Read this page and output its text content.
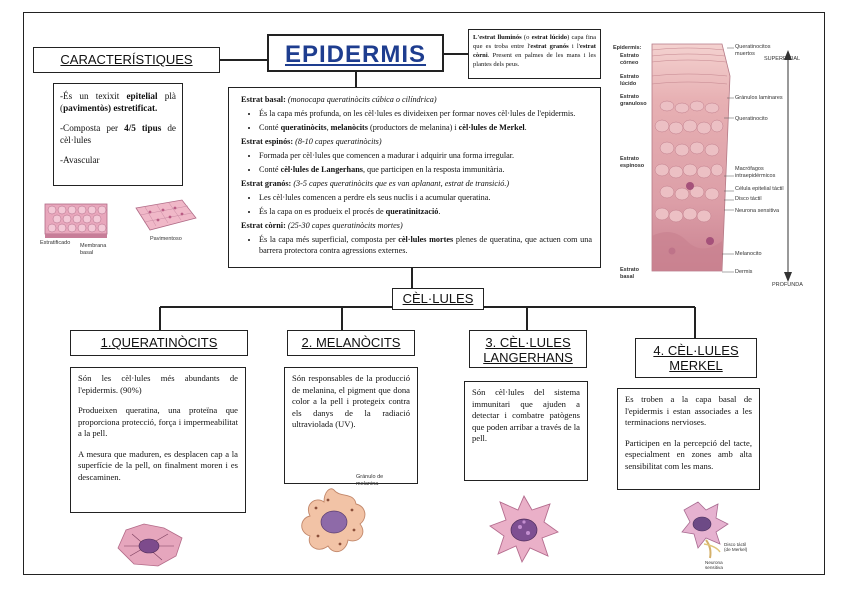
EPIDERMIS
CARACTERÍSTIQUES

-És un texixit epitelial plà (pavimentòs) estretificat.

-Composta per 4/5 tipus de cèl·lules

-Avascular

Estratificado Membrana basal
Pavimentoso
L'estrat lluminós (o estrat lúcido) capa fina que es troba entre l'estrat granós i l'estrat còrni. Present en palmes de les mans i les plantes dels peus.
Estrat basal: (monocapa queratinòcits cúbica o cilíndrica)
• És la capa més profunda, on les cèl·lules es divideixen per formar noves cèl·lules de l'epidermis.
• Conté queratinòcits, melanòcits (productors de melanina) i cèl·lules de Merkel.
Estrat espinós: (8-10 capes queratinòcits)
• Formada per cèl·lules que comencen a madurar i adquirir una forma irregular.
• Conté cèl·lules de Langerhans, que participen en la resposta immunitària.
Estrat granós: (3-5 capes queratinòcits que es van aplanant, estrat de transició.)
• Les cèl·lules comencen a perdre els seus nuclis i a acumular queratina.
• És la capa on es produeix el procés de queratinització.
Estrat còrni: (25-30 capes queratinòcits mortes)
• És la capa més superficial, composta per cèl·lules mortes plenes de queratina, que actuen com una barrera protectora contra agressions externes.
Epidermis:
Estrato córneo
Estrato lúcido
Estrato granuloso
Estrato espinoso
Estrato basal
Queratinocitos muertos
Gránulos laminares
Queratinocito
Macrófagos intraepidérmicos
Célula epitelial táctil
Disco táctil
Neurona sensitiva
Melanocito
Dermis
SUPERFICIAL
PROFUNDA
CÈL·LULES
1.QUERATINÒCITS

Són les cèl·lules més abundants de l'epidermis. (90%)

Produeixen queratina, una proteïna que proporciona protecció, força i impermeabilitat a la pell.

A mesura que maduren, es desplacen cap a la superfície de la pell, on finalment moren i es descaminen.

2. MELANÒCITS

Són responsables de la producció de melanina, el pigment que dona color a la pell i protegeix contra els danys de la radiació ultraviolada (UV).

Gránulo de melanina
3. CÈL·LULES LANGERHANS

Són cèl·lules del sistema immunitari que ajuden a detectar i combatre patògens que poden arribar a través de la pell.

4. CÈL·LULES MERKEL

Es troben a la capa basal de l'epidermis i estan associades a les terminacions nervioses.

Participen en la percepció del tacte, especialment en zones amb alta sensibilitat com les mans.

Disco táctil (de Merkel)
Neurona sensitiva
